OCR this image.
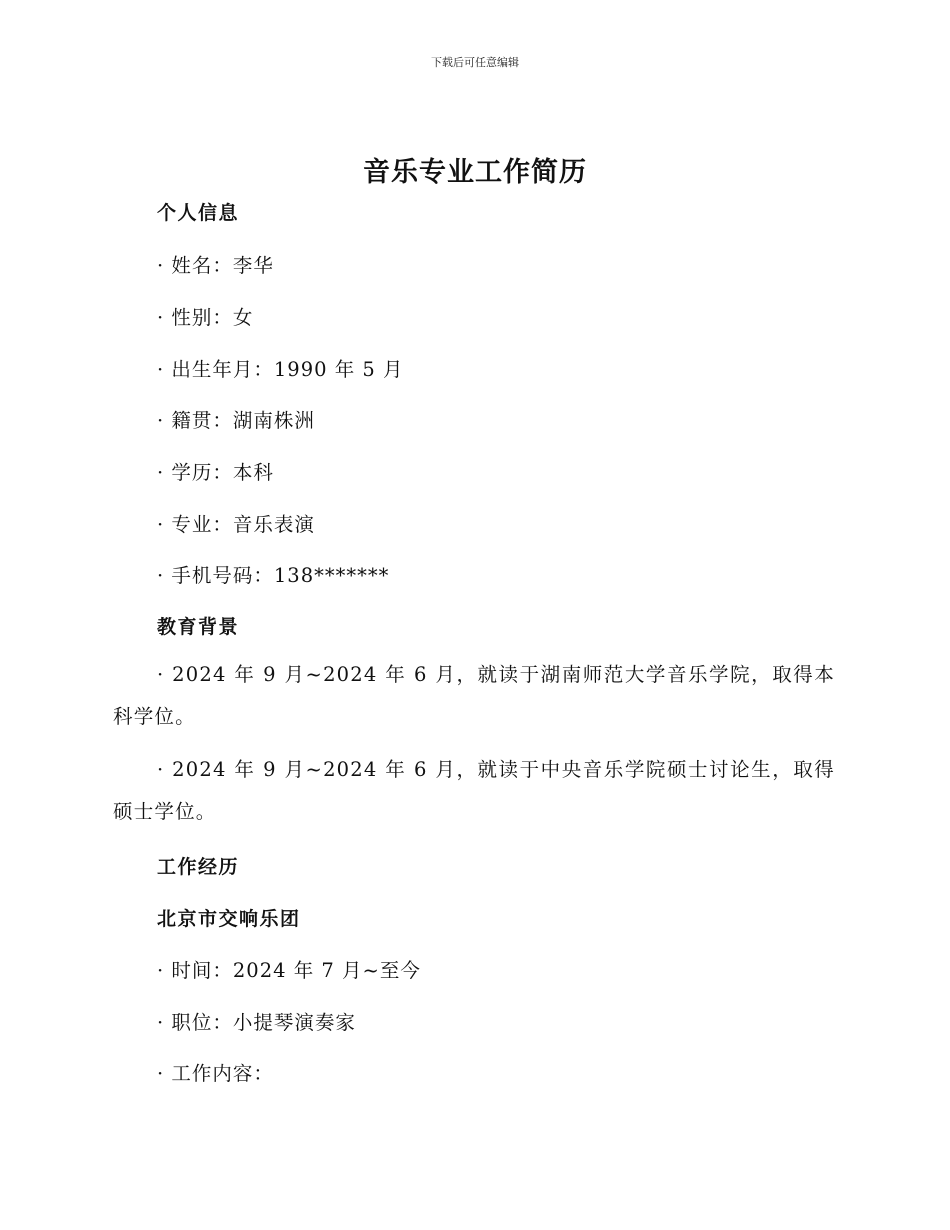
下载后可任意编辑
音乐专业工作简历
个人信息
· 姓名：李华
· 性别：女
· 出生年月：1990 年 5 月
· 籍贯：湖南株洲
· 学历：本科
· 专业：音乐表演
· 手机号码：138*******
教育背景
· 2024 年 9 月~2024 年 6 月，就读于湖南师范大学音乐学院，取得本科学位。
· 2024 年 9 月~2024 年 6 月，就读于中央音乐学院硕士讨论生，取得硕士学位。
工作经历
北京市交响乐团
· 时间：2024 年 7 月~至今
· 职位：小提琴演奏家
· 工作内容：
